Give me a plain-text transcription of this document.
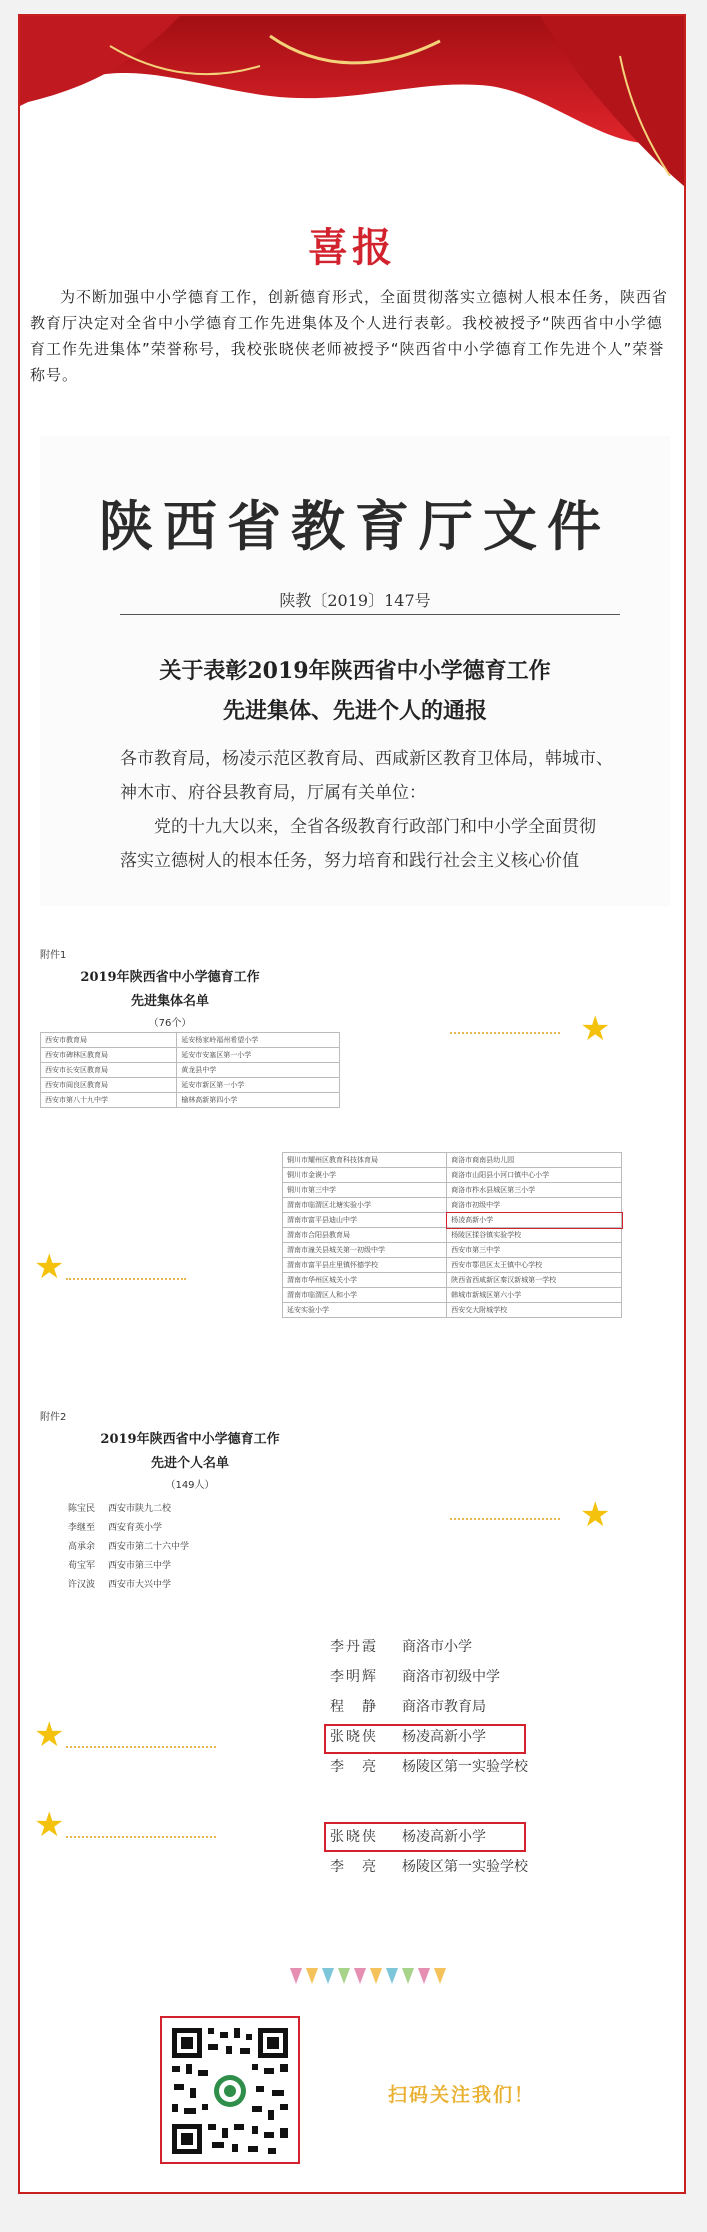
喜报
为不断加强中小学德育工作，创新德育形式，全面贯彻落实立德树人根本任务，陕西省教育厅决定对全省中小学德育工作先进集体及个人进行表彰。我校被授予“陕西省中小学德育工作先进集体”荣誉称号，我校张晓侠老师被授予“陕西省中小学德育工作先进个人”荣誉称号。
陕西省教育厅文件
陕教〔2019〕147号
关于表彰2019年陕西省中小学德育工作
先进集体、先进个人的通报

各市教育局，杨凌示范区教育局、西咸新区教育卫体局，韩城市、

神木市、府谷县教育局，厅属有关单位：

　　党的十九大以来，全省各级教育行政部门和中小学全面贯彻

落实立德树人的根本任务，努力培育和践行社会主义核心价值

附件1
2019年陕西省中小学德育工作
先进集体名单
（76个）
西安市教育局	延安杨家岭福州希望小学
西安市碑林区教育局	延安市安塞区第一小学
西安市长安区教育局	黄龙县中学
西安市阎良区教育局	延安市新区第一小学
西安市第八十九中学	榆林高新第四小学
★
铜川市耀州区教育科技体育局	商洛市商南县幼儿园
铜川市金谟小学	商洛市山阳县小河口镇中心小学
铜川市第三中学	商洛市柞水县城区第三小学
渭南市临渭区北塘实验小学	商洛市初级中学
渭南市富平县迪山中学	杨凌高新小学
渭南市合阳县教育局	杨陵区揉谷镇实验学校
渭南市潼关县城关第一初级中学	西安市第三中学
渭南市富平县庄里镇怀德学校	西安市鄠邑区太王镇中心学校
渭南市华州区城关小学	陕西省西咸新区秦汉新城第一学校
渭南市临渭区人和小学	韩城市新城区第六小学
延安实验小学	西安交大附城学校
★
附件2
2019年陕西省中小学德育工作
先进个人名单
（149人）
陈宝民 西安市陕九二校
李继至 西安育英小学
高承余 西安市第二十六中学
荀宝军 西安市第三中学
许汉波 西安市大兴中学
★
李丹霞 商洛市小学
李明辉 商洛市初级中学
程　静 商洛市教育局
张晓侠 杨凌高新小学
李　亮 杨陵区第一实验学校
★
张晓侠 杨凌高新小学
李　亮 杨陵区第一实验学校
★
扫码关注我们！
